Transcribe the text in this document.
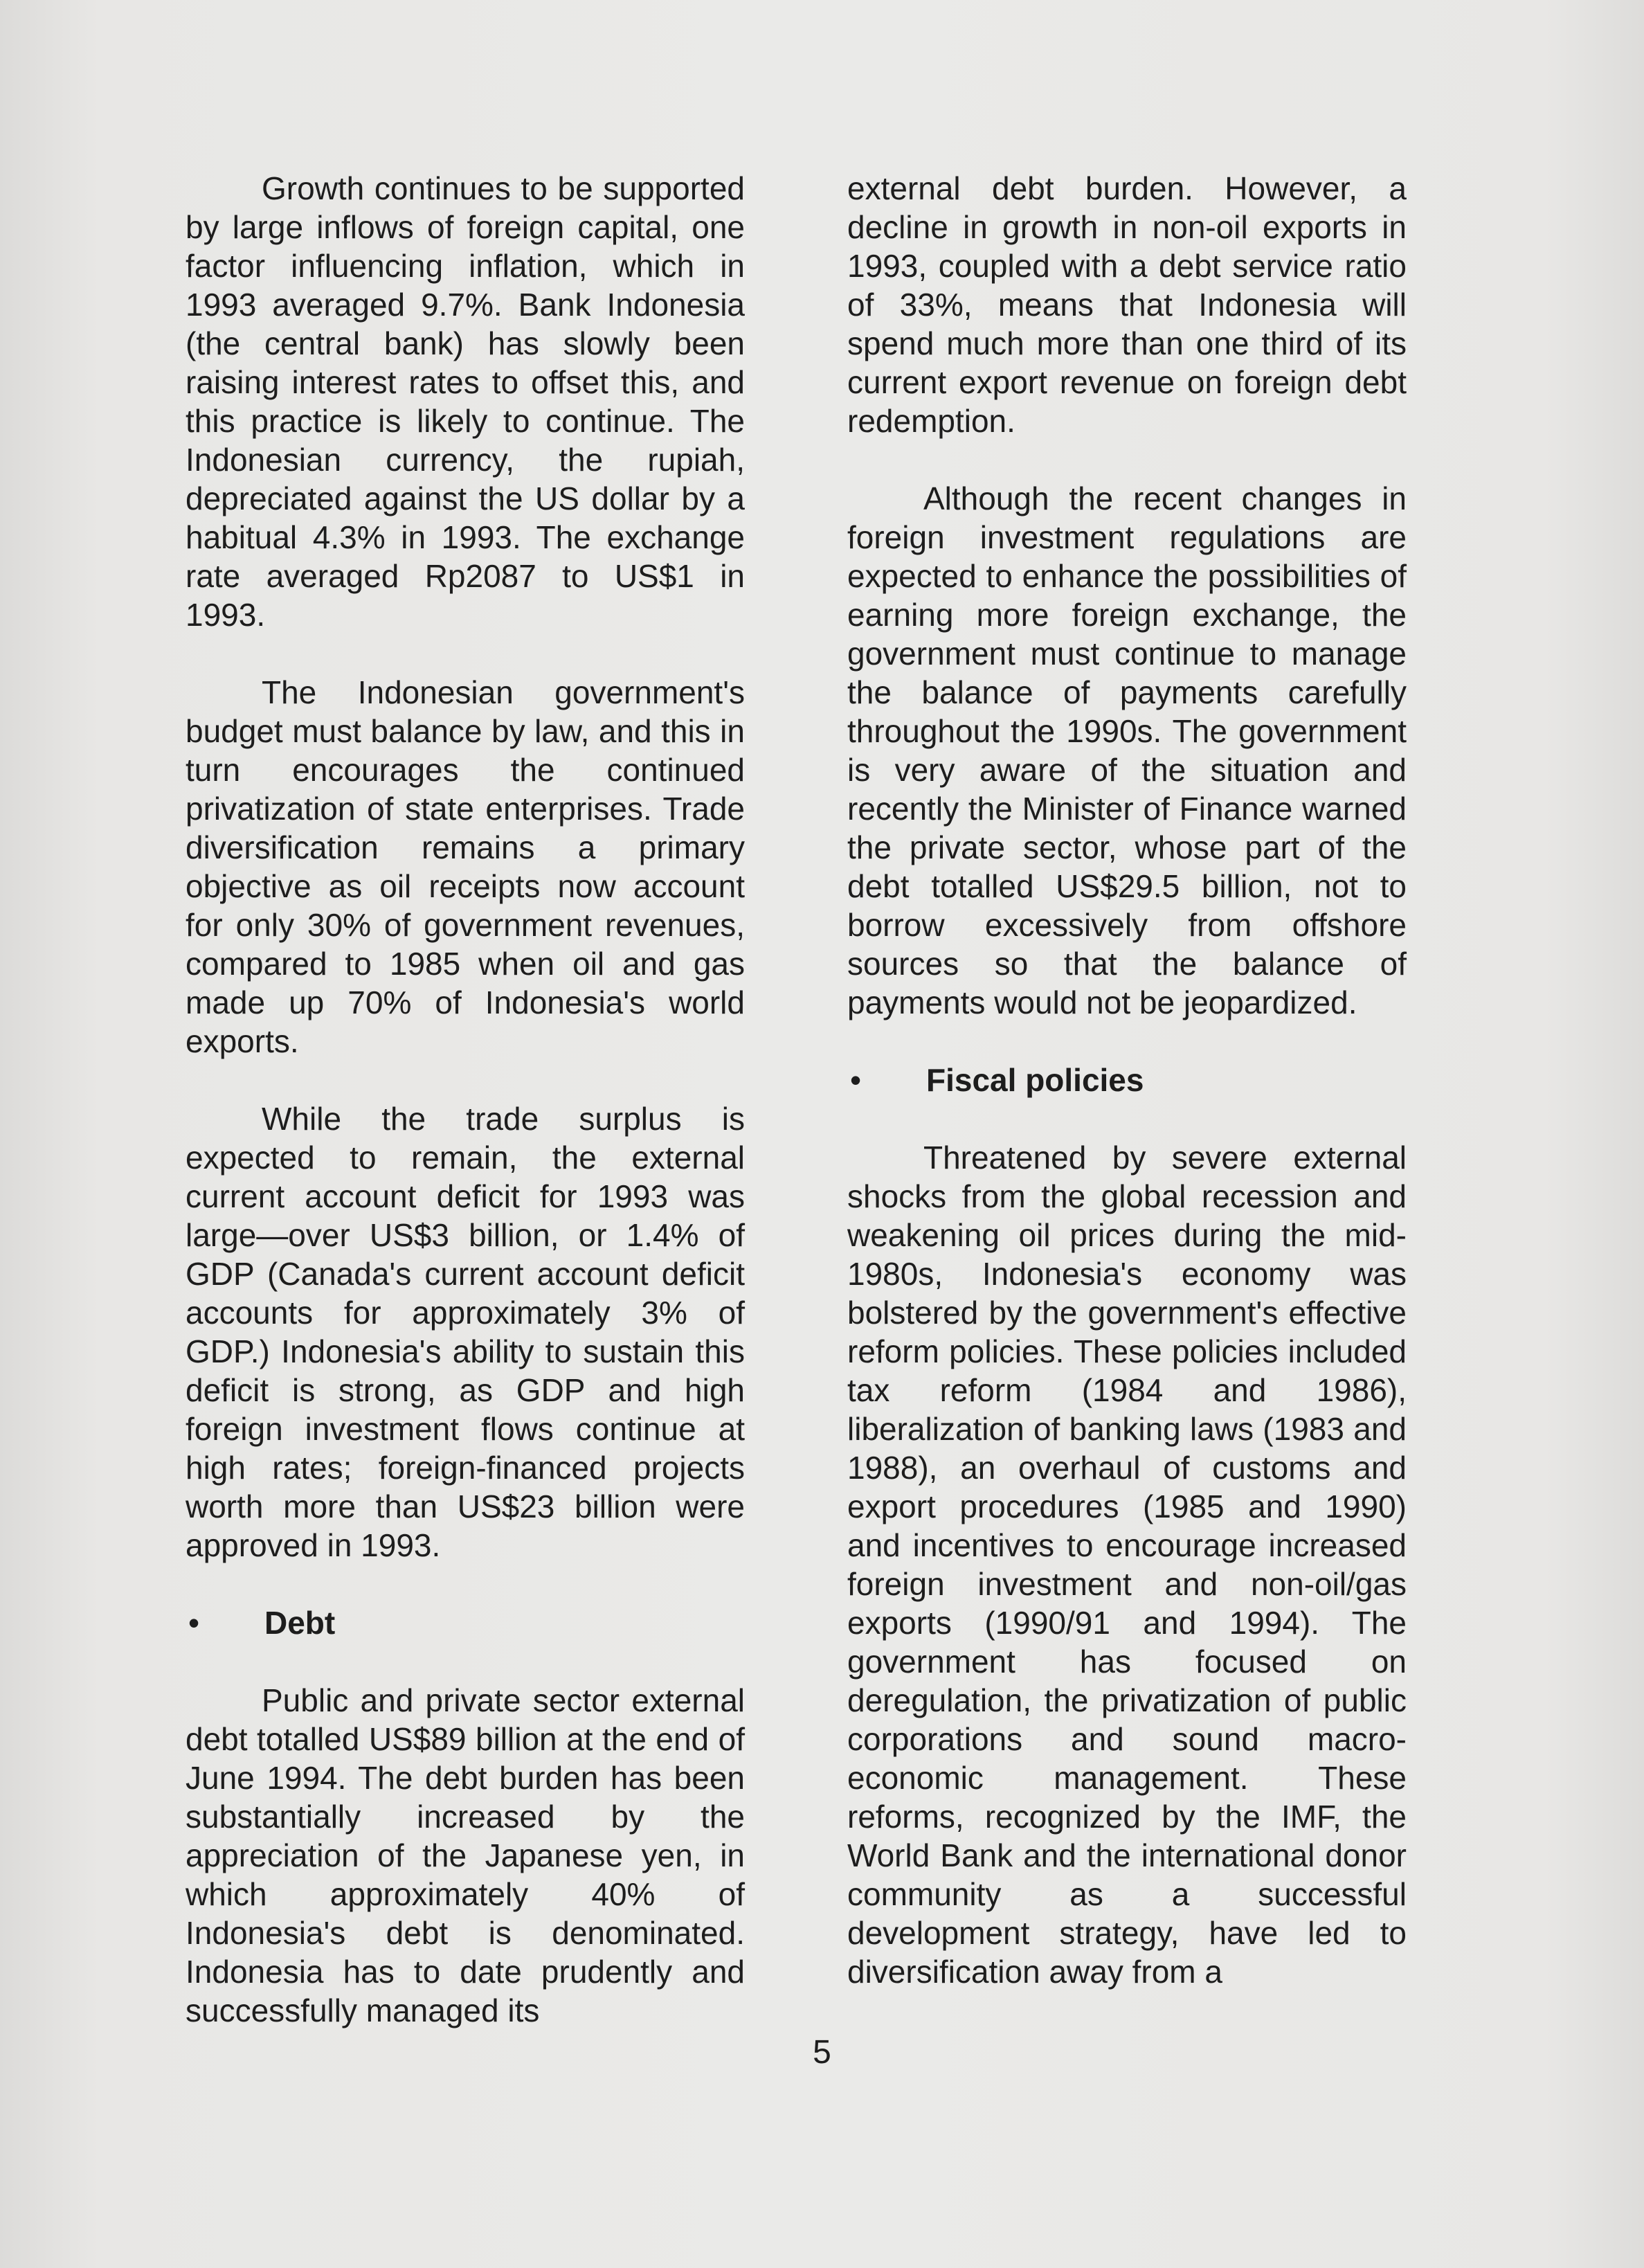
Growth continues to be supported by large inflows of foreign capital, one factor influencing inflation, which in 1993 averaged 9.7%. Bank Indonesia (the central bank) has slowly been raising interest rates to offset this, and this practice is likely to continue. The Indonesian currency, the rupiah, depreciated against the US dollar by a habitual 4.3% in 1993. The exchange rate averaged Rp2087 to US$1 in 1993.

The Indonesian government's budget must balance by law, and this in turn encourages the continued privatization of state enterprises. Trade diversification remains a primary objective as oil receipts now account for only 30% of government revenues, compared to 1985 when oil and gas made up 70% of Indonesia's world exports.

While the trade surplus is expected to remain, the external current account deficit for 1993 was large—over US$3 billion, or 1.4% of GDP (Canada's current account deficit accounts for approximately 3% of GDP.) Indonesia's ability to sustain this deficit is strong, as GDP and high foreign investment flows continue at high rates; foreign-financed projects worth more than US$23 billion were approved in 1993.

•	Debt

Public and private sector external debt totalled US$89 billion at the end of June 1994. The debt burden has been substantially increased by the appreciation of the Japanese yen, in which approximately 40% of Indonesia's debt is denominated. Indonesia has to date prudently and successfully managed its

external debt burden. However, a decline in growth in non-oil exports in 1993, coupled with a debt service ratio of 33%, means that Indonesia will spend much more than one third of its current export revenue on foreign debt redemption.

Although the recent changes in foreign investment regulations are expected to enhance the possibilities of earning more foreign exchange, the government must continue to manage the balance of payments carefully throughout the 1990s. The government is very aware of the situation and recently the Minister of Finance warned the private sector, whose part of the debt totalled US$29.5 billion, not to borrow excessively from offshore sources so that the balance of payments would not be jeopardized.

•	Fiscal policies

Threatened by severe external shocks from the global recession and weakening oil prices during the mid-1980s, Indonesia's economy was bolstered by the government's effective reform policies. These policies included tax reform (1984 and 1986), liberalization of banking laws (1983 and 1988), an overhaul of customs and export procedures (1985 and 1990) and incentives to encourage increased foreign investment and non-oil/gas exports (1990/91 and 1994). The government has focused on deregulation, the privatization of public corporations and sound macro-economic management. These reforms, recognized by the IMF, the World Bank and the international donor community as a successful development strategy, have led to diversification away from a

5
